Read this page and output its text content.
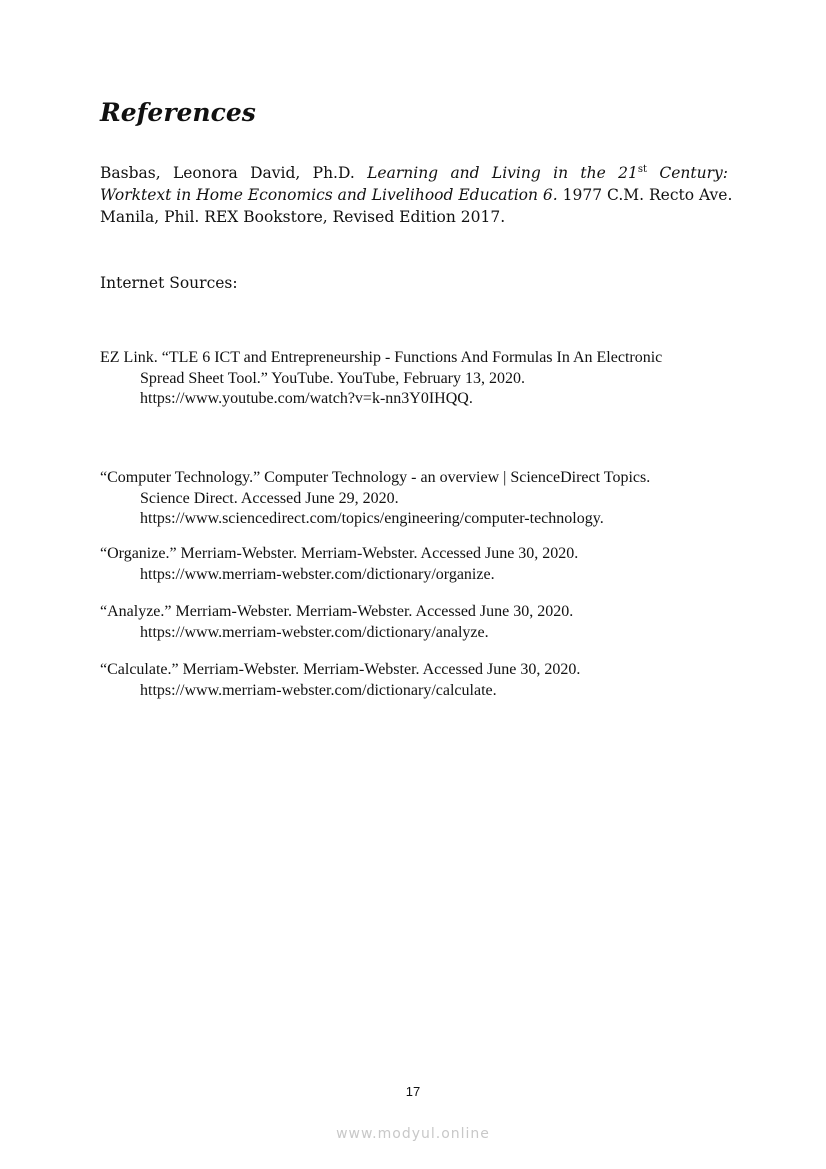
References
Basbas, Leonora David, Ph.D. Learning and Living in the 21st Century:
Worktext in Home Economics and Livelihood Education 6. 1977 C.M. Recto Ave.
Manila, Phil. REX Bookstore, Revised Edition 2017.
Internet Sources:
EZ Link. “TLE 6 ICT and Entrepreneurship - Functions And Formulas In An Electronic
Spread Sheet Tool.” YouTube. YouTube, February 13, 2020.
https://www.youtube.com/watch?v=k-nn3Y0IHQQ.
“Computer Technology.” Computer Technology - an overview | ScienceDirect Topics.
Science Direct. Accessed June 29, 2020.
https://www.sciencedirect.com/topics/engineering/computer-technology.
“Organize.” Merriam-Webster. Merriam-Webster. Accessed June 30, 2020.
https://www.merriam-webster.com/dictionary/organize.
“Analyze.” Merriam-Webster. Merriam-Webster. Accessed June 30, 2020.
https://www.merriam-webster.com/dictionary/analyze.
“Calculate.” Merriam-Webster. Merriam-Webster. Accessed June 30, 2020.
https://www.merriam-webster.com/dictionary/calculate.
17
www.modyul.online
